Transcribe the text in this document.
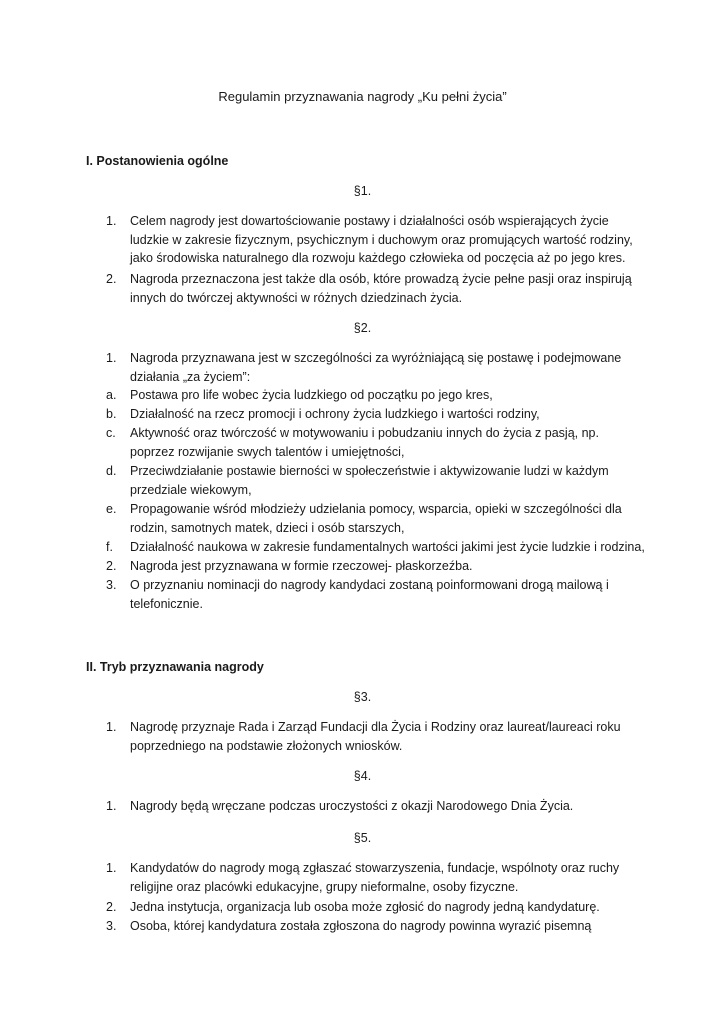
Regulamin przyznawania nagrody „Ku pełni życia”
I. Postanowienia ogólne
§1.
1.	Celem nagrody jest dowartościowanie postawy i działalności osób wspierających życie ludzkie w zakresie fizycznym, psychicznym i duchowym oraz promujących wartość rodziny, jako środowiska naturalnego dla rozwoju każdego człowieka od poczęcia aż po jego kres.
2.	Nagroda przeznaczona jest także dla osób, które prowadzą życie pełne pasji oraz inspirują innych do twórczej aktywności w różnych dziedzinach życia.
§2.
1.	Nagroda przyznawana jest w szczególności za wyróżniającą się postawę i podejmowane działania „za życiem”:
a.	Postawa pro life wobec życia ludzkiego od początku po jego kres,
b.	Działalność na rzecz promocji i ochrony życia ludzkiego i wartości rodziny,
c.	Aktywność oraz twórczość w motywowaniu i pobudzaniu innych do życia z pasją, np. poprzez rozwijanie swych talentów i umiejętności,
d.	Przeciwdziałanie postawie bierności w społeczeństwie i aktywizowanie ludzi w każdym przedziale wiekowym,
e.	Propagowanie wśród młodzieży udzielania pomocy, wsparcia, opieki w szczególności dla rodzin, samotnych matek, dzieci i osób starszych,
f.	Działalność naukowa w zakresie fundamentalnych wartości jakimi jest życie ludzkie i rodzina,
2.	Nagroda jest przyznawana w formie rzeczowej- płaskorzeźba.
3.	O przyznaniu nominacji do nagrody kandydaci zostaną poinformowani drogą mailową i telefonicznie.
II. Tryb przyznawania nagrody
§3.
1.	Nagrodę przyznaje Rada i Zarząd Fundacji dla Życia i Rodziny oraz laureat/laureaci roku poprzedniego na podstawie złożonych wniosków.
§4.
1.	Nagrody będą wręczane podczas uroczystości z okazji Narodowego Dnia Życia.
§5.
1.	Kandydatów do nagrody mogą zgłaszać stowarzyszenia, fundacje, wspólnoty oraz ruchy religijne oraz placówki edukacyjne, grupy nieformalne, osoby fizyczne.
2.	Jedna instytucja, organizacja lub osoba może zgłosić do nagrody jedną kandydaturę.
3.	Osoba, której kandydatura została zgłoszona do nagrody powinna wyrazić pisemną
